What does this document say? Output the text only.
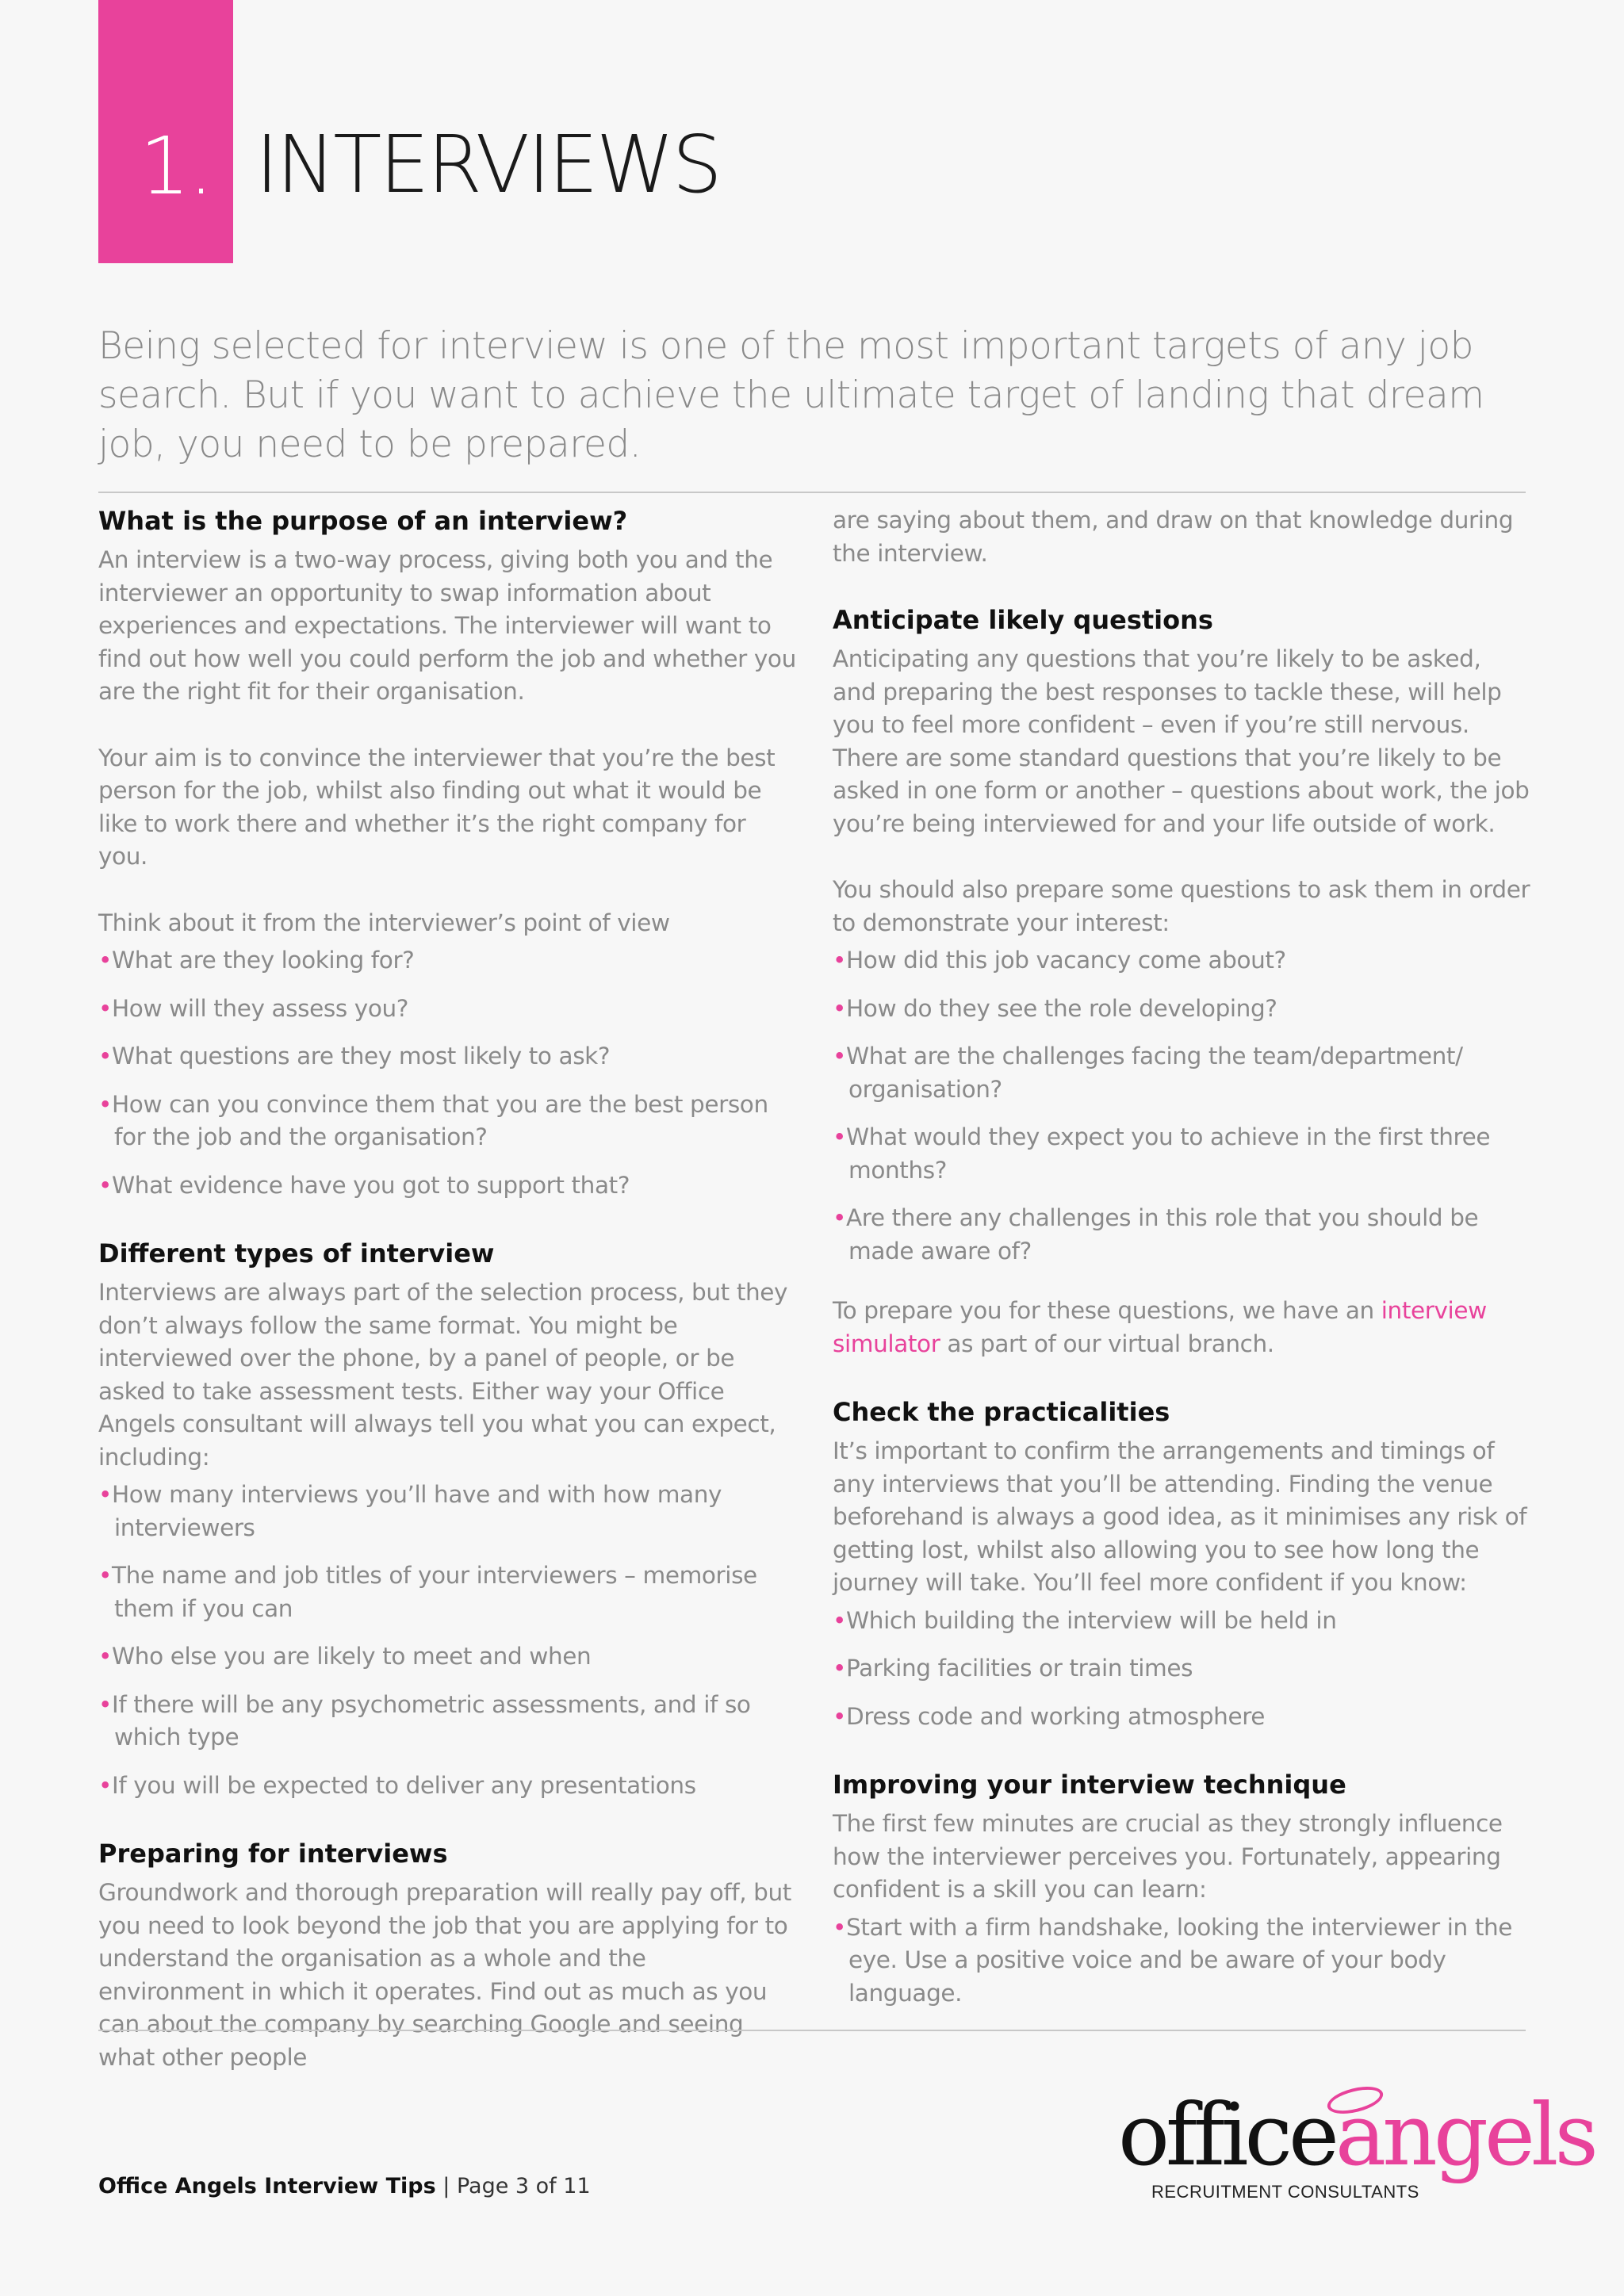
1. INTERVIEWS

Being selected for interview is one of the most important targets of any job search. But if you want to achieve the ultimate target of landing that dream job, you need to be prepared.

What is the purpose of an interview?

An interview is a two-way process, giving both you and the interviewer an opportunity to swap information about experiences and expectations. The interviewer will want to find out how well you could perform the job and whether you are the right fit for their organisation.

Your aim is to convince the interviewer that you’re the best person for the job, whilst also finding out what it would be like to work there and whether it’s the right company for you.

Think about it from the interviewer’s point of view

•What are they looking for?
•How will they assess you?
•What questions are they most likely to ask?
•How can you convince them that you are the best person for the job and the organisation?
•What evidence have you got to support that?
Different types of interview

Interviews are always part of the selection process, but they don’t always follow the same format. You might be interviewed over the phone, by a panel of people, or be asked to take assessment tests. Either way your Office Angels consultant will always tell you what you can expect, including:

•How many interviews you’ll have and with how many interviewers
•The name and job titles of your interviewers – memorise them if you can
•Who else you are likely to meet and when
•If there will be any psychometric assessments, and if so which type
•If you will be expected to deliver any presentations
Preparing for interviews

Groundwork and thorough preparation will really pay off, but you need to look beyond the job that you are applying for to understand the organisation as a whole and the environment in which it operates. Find out as much as you can about the company by searching Google and seeing what other people

are saying about them, and draw on that knowledge during the interview.

Anticipate likely questions

Anticipating any questions that you’re likely to be asked, and preparing the best responses to tackle these, will help you to feel more confident – even if you’re still nervous. There are some standard questions that you’re likely to be asked in one form or another – questions about work, the job you’re being interviewed for and your life outside of work.

You should also prepare some questions to ask them in order to demonstrate your interest:

•How did this job vacancy come about?
•How do they see the role developing?
•What are the challenges facing the team/department/ organisation?
•What would they expect you to achieve in the first three months?
•Are there any challenges in this role that you should be made aware of?

To prepare you for these questions, we have an interview simulator as part of our virtual branch.

Check the practicalities

It’s important to confirm the arrangements and timings of any interviews that you’ll be attending. Finding the venue beforehand is always a good idea, as it minimises any risk of getting lost, whilst also allowing you to see how long the journey will take. You’ll feel more confident if you know:

•Which building the interview will be held in
•Parking facilities or train times
•Dress code and working atmosphere
Improving your interview technique

The first few minutes are crucial as they strongly influence how the interviewer perceives you. Fortunately, appearing confident is a skill you can learn:

•Start with a firm handshake, looking the interviewer in the eye. Use a positive voice and be aware of your body language.
Office Angels Interview Tips | Page 3 of 11
officeangels
RECRUITMENT CONSULTANTS
